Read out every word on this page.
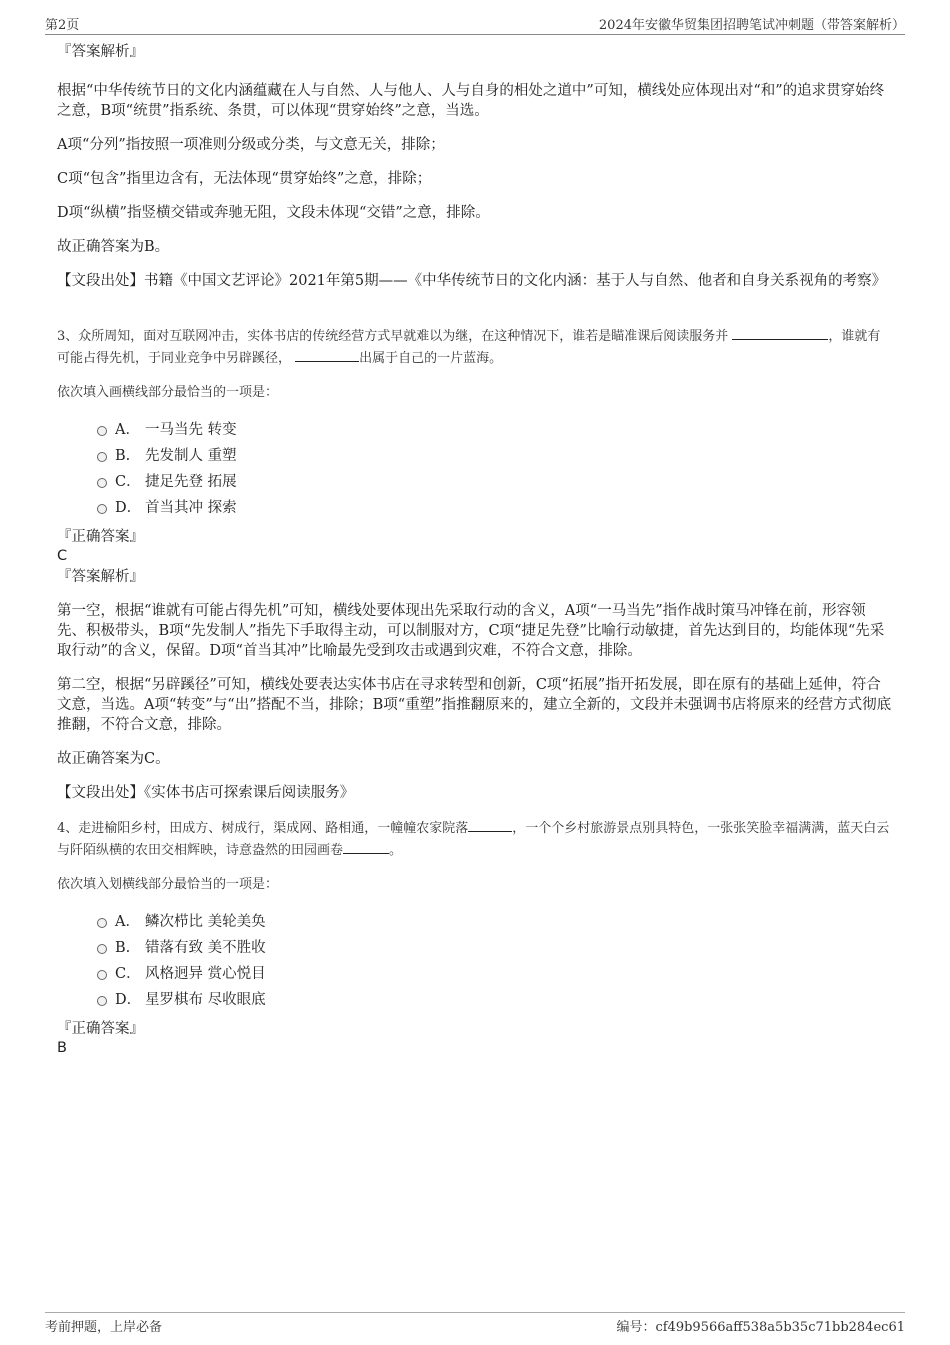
第2页	2024年安徽华贸集团招聘笔试冲刺题（带答案解析）

『答案解析』

根据“中华传统节日的文化内涵蕴藏在人与自然、人与他人、人与自身的相处之道中”可知，横线处应体现出对“和”的追求贯穿始终之意，B项“统贯”指系统、条贯，可以体现“贯穿始终”之意，当选。

A项“分列”指按照一项准则分级或分类，与文意无关，排除；

C项“包含”指里边含有，无法体现“贯穿始终”之意，排除；

D项“纵横”指竖横交错或奔驰无阻，文段未体现“交错”之意，排除。

故正确答案为B。

【文段出处】书籍《中国文艺评论》2021年第5期——《中华传统节日的文化内涵：基于人与自然、他者和自身关系视角的考察》

3、众所周知，面对互联网冲击，实体书店的传统经营方式早就难以为继，在这种情况下，谁若是瞄准课后阅读服务并	，谁就有可能占得先机，于同业竞争中另辟蹊径，	出属于自己的一片蓝海。

依次填入画横线部分最恰当的一项是：

A． 一马当先 转变
B. 先发制人 重塑
C． 捷足先登 拓展
D． 首当其冲 探索

『正确答案』

C

『答案解析』

第一空，根据“谁就有可能占得先机”可知，横线处要体现出先采取行动的含义，A项“一马当先”指作战时策马冲锋在前，形容领先、积极带头，B项“先发制人”指先下手取得主动，可以制服对方，C项“捷足先登”比喻行动敏捷，首先达到目的，均能体现“先采取行动”的含义，保留。D项“首当其冲”比喻最先受到攻击或遇到灾难，不符合文意，排除。

第二空，根据“另辟蹊径”可知，横线处要表达实体书店在寻求转型和创新，C项“拓展”指开拓发展，即在原有的基础上延伸，符合文意，当选。A项“转变”与“出”搭配不当，排除；B项“重塑”指推翻原来的，建立全新的，文段并未强调书店将原来的经营方式彻底推翻，不符合文意，排除。

故正确答案为C。

【文段出处】《实体书店可探索课后阅读服务》

4、走进榆阳乡村，田成方、树成行，渠成网、路相通，一幢幢农家院落	，一个个乡村旅游景点别具特色，一张张笑脸幸福满满，蓝天白云与阡陌纵横的农田交相辉映，诗意盎然的田园画卷	。

依次填入划横线部分最恰当的一项是：

A． 鳞次栉比 美轮美奂
B. 错落有致 美不胜收
C． 风格迥异 赏心悦目
D． 星罗棋布 尽收眼底

『正确答案』

B

考前押题，上岸必备	编号：cf49b9566aff538a5b35c71bb284ec61
